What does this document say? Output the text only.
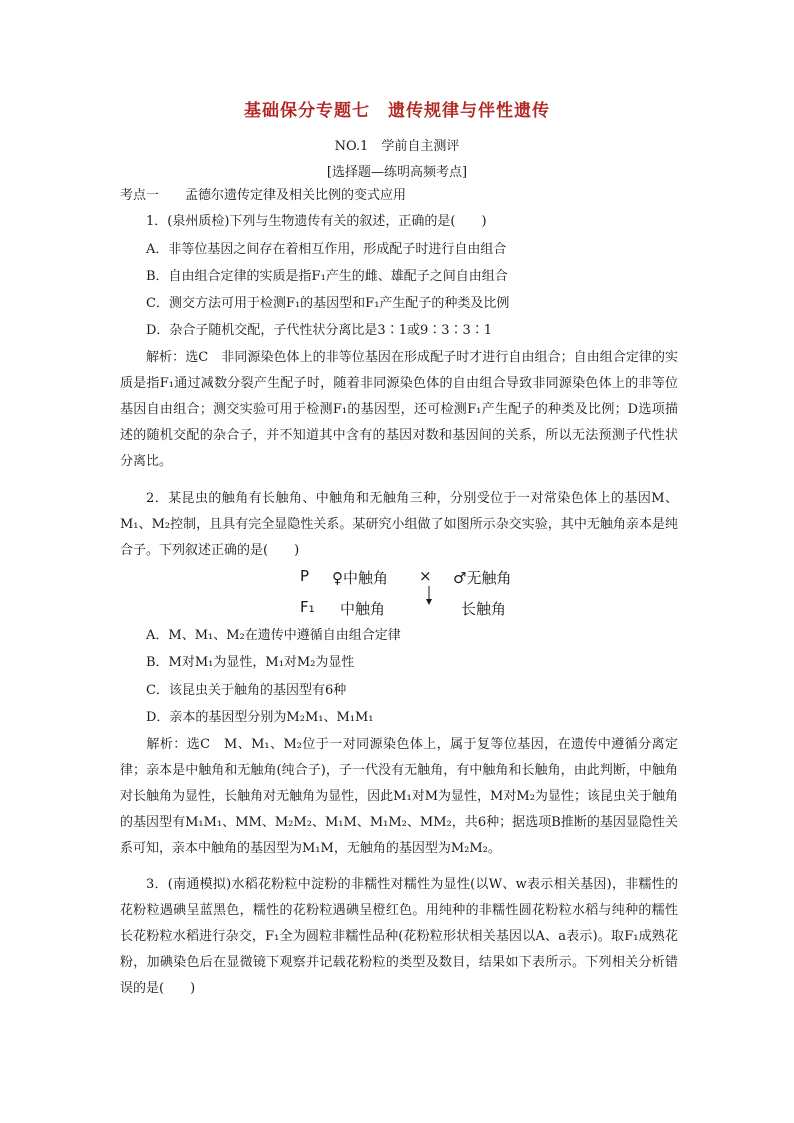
基础保分专题七　遗传规律与伴性遗传
NO.1　学前自主测评
[选择题—练明高频考点]
考点一　　孟德尔遗传定律及相关比例的变式应用
1．(泉州质检)下列与生物遗传有关的叙述，正确的是(　　)
A．非等位基因之间存在着相互作用，形成配子时进行自由组合
B．自由组合定律的实质是指F₁产生的雌、雄配子之间自由组合
C．测交方法可用于检测F₁的基因型和F₁产生配子的种类及比例
D．杂合子随机交配，子代性状分离比是3∶1或9∶3∶3∶1
解析：选C　非同源染色体上的非等位基因在形成配子时才进行自由组合；自由组合定律的实质是指F₁通过减数分裂产生配子时，随着非同源染色体的自由组合导致非同源染色体上的非等位基因自由组合；测交实验可用于检测F₁的基因型，还可检测F₁产生配子的种类及比例；D选项描述的随机交配的杂合子，并不知道其中含有的基因对数和基因间的关系，所以无法预测子代性状分离比。
2．某昆虫的触角有长触角、中触角和无触角三种，分别受位于一对常染色体上的基因M、M₁、M₂控制，且具有完全显隐性关系。某研究小组做了如图所示杂交实验，其中无触角亲本是纯合子。下列叙述正确的是(　　)
P ♀中触角 × ♂无触角
F₁ 中触角	长触角
A．M、M₁、M₂在遗传中遵循自由组合定律
B．M对M₁为显性，M₁对M₂为显性
C．该昆虫关于触角的基因型有6种
D．亲本的基因型分别为M₂M₁、M₁M₁
解析：选C　M、M₁、M₂位于一对同源染色体上，属于复等位基因，在遗传中遵循分离定律；亲本是中触角和无触角(纯合子)，子一代没有无触角，有中触角和长触角，由此判断，中触角对长触角为显性，长触角对无触角为显性，因此M₁对M为显性，M对M₂为显性；该昆虫关于触角的基因型有M₁M₁、MM、M₂M₂、M₁M、M₁M₂、MM₂，共6种；据选项B推断的基因显隐性关系可知，亲本中触角的基因型为M₁M，无触角的基因型为M₂M₂。
3．(南通模拟)水稻花粉粒中淀粉的非糯性对糯性为显性(以W、w表示相关基因)，非糯性的花粉粒遇碘呈蓝黑色，糯性的花粉粒遇碘呈橙红色。用纯种的非糯性圆花粉粒水稻与纯种的糯性长花粉粒水稻进行杂交，F₁全为圆粒非糯性品种(花粉粒形状相关基因以A、a表示)。取F₁成熟花粉，加碘染色后在显微镜下观察并记载花粉粒的类型及数目，结果如下表所示。下列相关分析错误的是(　　)
